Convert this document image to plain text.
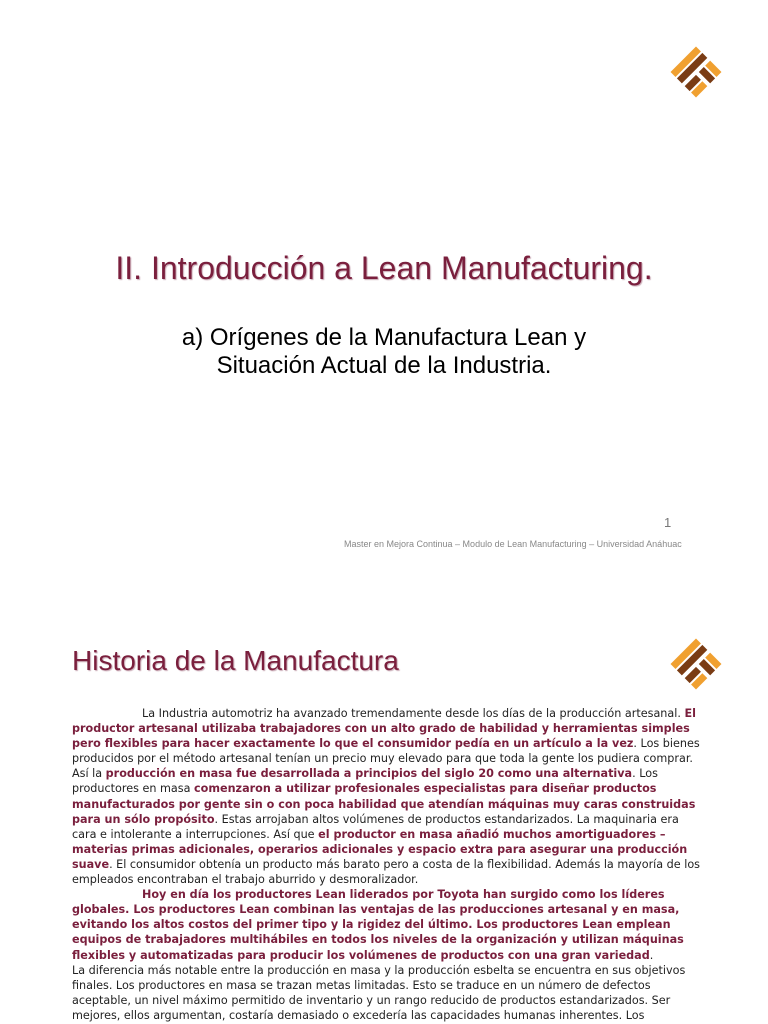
II. Introducción a Lean Manufacturing.
a) Orígenes de la Manufactura Lean y
Situación Actual de la Industria.
1
Master en Mejora Continua – Modulo de Lean Manufacturing – Universidad Anáhuac
Historia de la Manufactura

La Industria automotriz ha avanzado tremendamente desde los días de la producción artesanal. El productor artesanal utilizaba trabajadores con un alto grado de habilidad y herramientas simples pero flexibles para hacer exactamente lo que el consumidor pedía en un artículo a la vez. Los bienes producidos por el método artesanal tenían un precio muy elevado para que toda la gente los pudiera comprar. Así la producción en masa fue desarrollada a principios del siglo 20 como una alternativa. Los productores en masa comenzaron a utilizar profesionales especialistas para diseñar productos manufacturados por gente sin o con poca habilidad que atendían máquinas muy caras construidas para un sólo propósito. Estas arrojaban altos volúmenes de productos estandarizados. La maquinaria era cara e intolerante a interrupciones. Así que el productor en masa añadió muchos amortiguadores – materias primas adicionales, operarios adicionales y espacio extra para asegurar una producción suave. El consumidor obtenía un producto más barato pero a costa de la flexibilidad. Además la mayoría de los empleados encontraban el trabajo aburrido y desmoralizador.

Hoy en día los productores Lean liderados por Toyota han surgido como los líderes globales. Los productores Lean combinan las ventajas de las producciones artesanal y en masa, evitando los altos costos del primer tipo y la rigidez del último. Los productores Lean emplean equipos de trabajadores multihábiles en todos los niveles de la organización y utilizan máquinas flexibles y automatizadas para producir los volúmenes de productos con una gran variedad.

La diferencia más notable entre la producción en masa y la producción esbelta se encuentra en sus objetivos finales. Los productores en masa se trazan metas limitadas. Esto se traduce en un número de defectos aceptable, un nivel máximo permitido de inventario y un rango reducido de productos estandarizados. Ser mejores, ellos argumentan, costaría demasiado o excedería las capacidades humanas inherentes. Los
